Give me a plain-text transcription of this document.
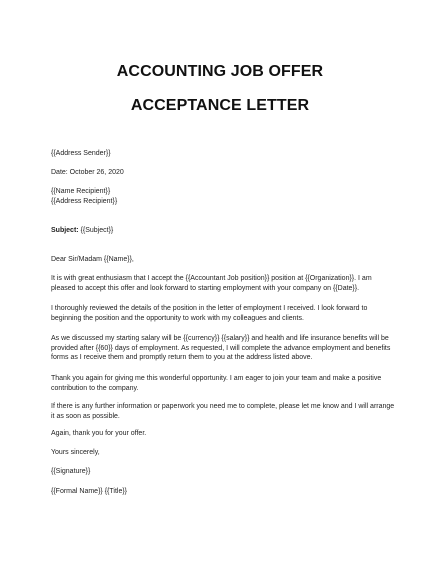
ACCOUNTING JOB OFFER
ACCEPTANCE LETTER
{{Address Sender}}
Date: October 26, 2020
{{Name Recipient}}
{{Address Recipient}}
Subject: {{Subject}}
Dear Sir/Madam {{Name}},
It is with great enthusiasm that I accept the {{Accountant Job position}} position at {{Organization}}. I am pleased to accept this offer and look forward to starting employment with your company on {{Date}}.
I thoroughly reviewed the details of the position in the letter of employment I received. I look forward to beginning the position and the opportunity to work with my colleagues and clients.
As we discussed my starting salary will be {{currency}} {{salary}} and health and life insurance benefits will be provided after {{60}} days of employment. As requested, I will complete the advance employment and benefits forms as I receive them and promptly return them to you at the address listed above.
Thank you again for giving me this wonderful opportunity. I am eager to join your team and make a positive contribution to the company.
If there is any further information or paperwork you need me to complete, please let me know and I will arrange it as soon as possible.
Again, thank you for your offer.
Yours sincerely,
{{Signature}}
{{Formal Name}} {{Title}}
